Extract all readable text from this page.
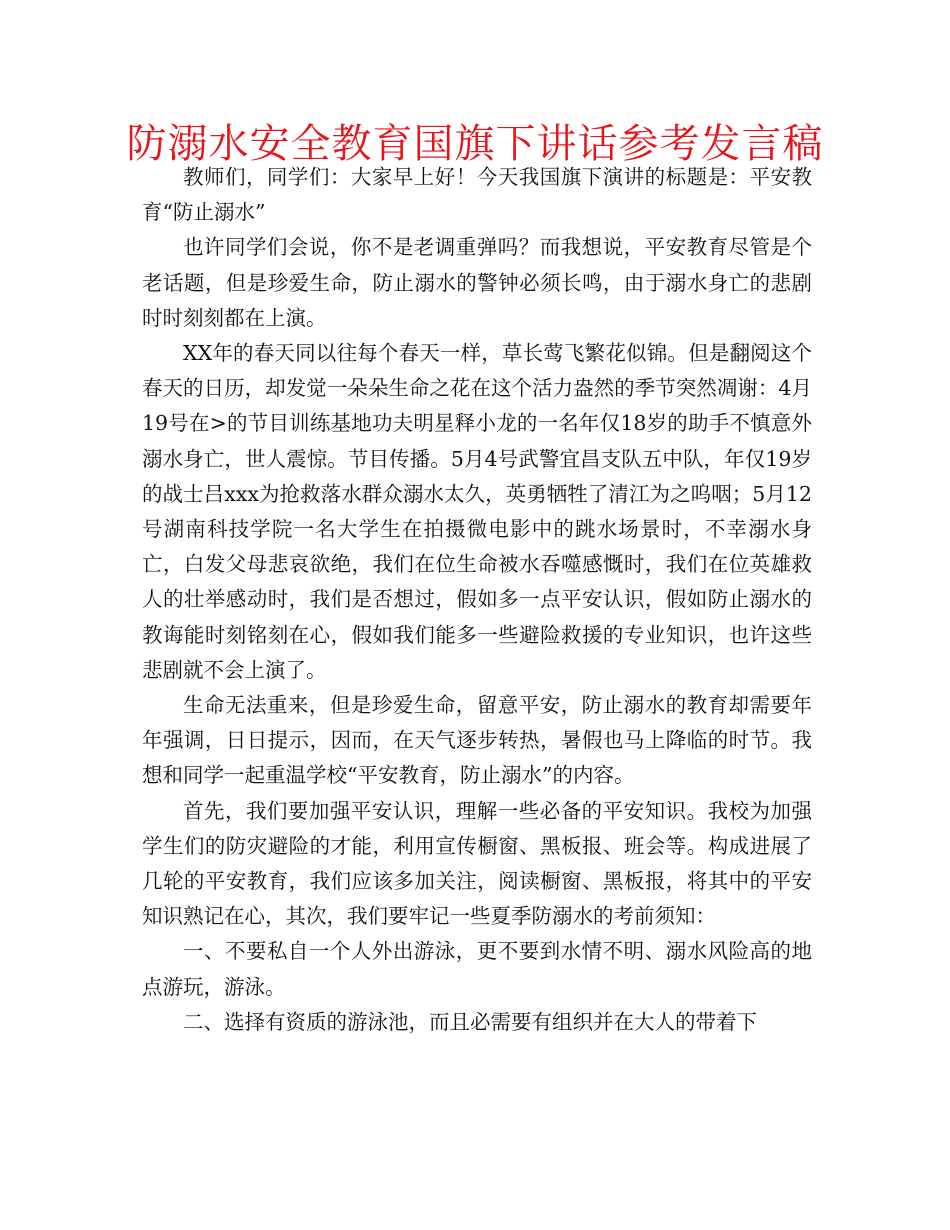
防溺水安全教育国旗下讲话参考发言稿

教师们，同学们：大家早上好！今天我国旗下演讲的标题是：平安教育“防止溺水”

也许同学们会说，你不是老调重弹吗？而我想说，平安教育尽管是个老话题，但是珍爱生命，防止溺水的警钟必须长鸣，由于溺水身亡的悲剧时时刻刻都在上演。

XX年的春天同以往每个春天一样，草长莺飞繁花似锦。但是翻阅这个春天的日历，却发觉一朵朵生命之花在这个活力盎然的季节突然凋谢：4月19号在>的节目训练基地功夫明星释小龙的一名年仅18岁的助手不慎意外溺水身亡，世人震惊。节目传播。5月4号武警宜昌支队五中队，年仅19岁的战士吕xxx为抢救落水群众溺水太久，英勇牺牲了清江为之呜咽；5月12号湖南科技学院一名大学生在拍摄微电影中的跳水场景时，不幸溺水身亡，白发父母悲哀欲绝，我们在位生命被水吞噬感慨时，我们在位英雄救人的壮举感动时，我们是否想过，假如多一点平安认识，假如防止溺水的教诲能时刻铭刻在心，假如我们能多一些避险救援的专业知识，也许这些悲剧就不会上演了。

生命无法重来，但是珍爱生命，留意平安，防止溺水的教育却需要年年强调，日日提示，因而，在天气逐步转热，暑假也马上降临的时节。我想和同学一起重温学校“平安教育，防止溺水”的内容。

首先，我们要加强平安认识，理解一些必备的平安知识。我校为加强学生们的防灾避险的才能，利用宣传橱窗、黑板报、班会等。构成进展了几轮的平安教育，我们应该多加关注，阅读橱窗、黑板报，将其中的平安知识熟记在心，其次，我们要牢记一些夏季防溺水的考前须知：

一、不要私自一个人外出游泳，更不要到水情不明、溺水风险高的地点游玩，游泳。

二、选择有资质的游泳池，而且必需要有组织并在大人的带着下
